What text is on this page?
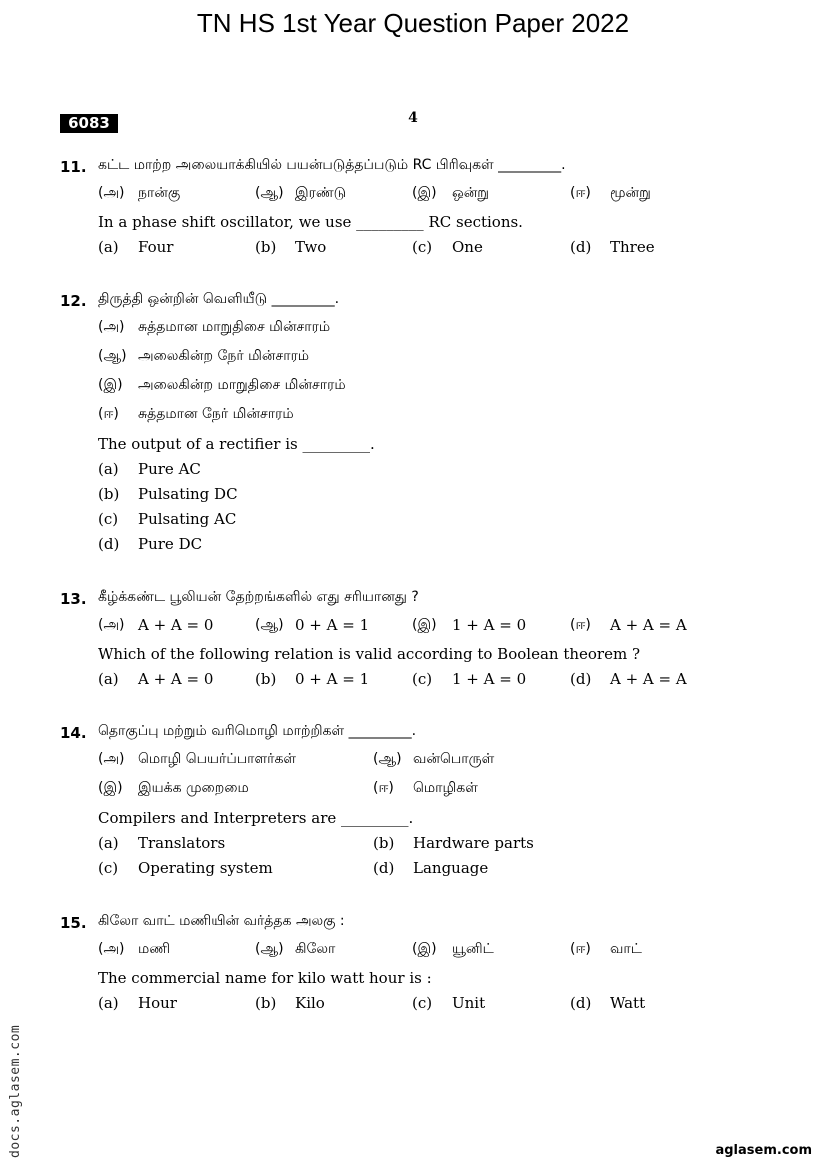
TN HS 1st Year Question Paper 2022
6083	4
11. கட்ட மாற்ற அலையாக்கியில் பயன்படுத்தப்படும் RC பிரிவுகள் _________.
(அ) நான்கு	(ஆ) இரண்டு	(இ) ஒன்று	(ஈ) மூன்று
In a phase shift oscillator, we use _________ RC sections.
(a) Four	(b) Two	(c) One	(d) Three
12. திருத்தி ஒன்றின் வெளியீடு _________.
(அ) சுத்தமான மாறுதிசை மின்சாரம்
(ஆ) அலைகின்ற நேர் மின்சாரம்
(இ) அலைகின்ற மாறுதிசை மின்சாரம்
(ஈ) சுத்தமான நேர் மின்சாரம்
The output of a rectifier is _________.
(a) Pure AC
(b) Pulsating DC
(c) Pulsating AC
(d) Pure DC
13. கீழ்க்கண்ட பூலியன் தேற்றங்களில் எது சரியானது ?
(அ) A + A = 0	(ஆ) 0 + A = 1	(இ) 1 + A = 0	(ஈ) A + A = A
Which of the following relation is valid according to Boolean theorem ?
(a) A + A = 0	(b) 0 + A = 1	(c) 1 + A = 0	(d) A + A = A
14. தொகுப்பு மற்றும் வரிமொழி மாற்றிகள் _________.
(அ) மொழி பெயர்ப்பாளர்கள்	(ஆ) வன்பொருள்
(இ) இயக்க முறைமை	(ஈ) மொழிகள்
Compilers and Interpreters are _________.
(a) Translators	(b) Hardware parts
(c) Operating system	(d) Language
15. கிலோ வாட் மணியின் வர்த்தக அலகு :
(அ) மணி	(ஆ) கிலோ	(இ) யூனிட்	(ஈ) வாட்
The commercial name for kilo watt hour is :
(a) Hour	(b) Kilo	(c) Unit	(d) Watt
docs.aglasem.com	aglasem.com
